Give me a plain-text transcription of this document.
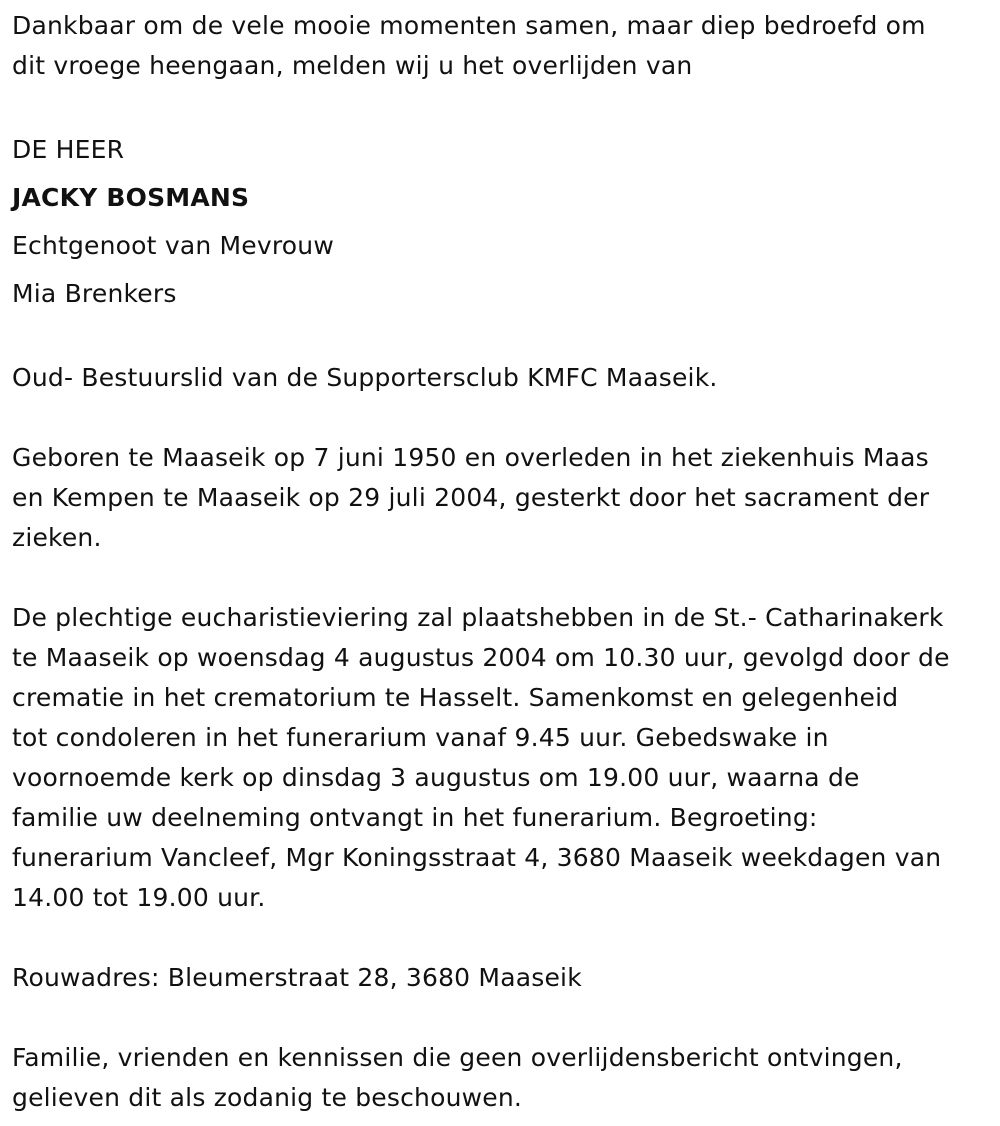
Dankbaar om de vele mooie momenten samen, maar diep bedroefd om
dit vroege heengaan, melden wij u het overlijden van

DE HEER
JACKY BOSMANS
Echtgenoot van Mevrouw
Mia Brenkers

Oud- Bestuurslid van de Supportersclub KMFC Maaseik.

Geboren te Maaseik op 7 juni 1950 en overleden in het ziekenhuis Maas
en Kempen te Maaseik op 29 juli 2004, gesterkt door het sacrament der
zieken.

De plechtige eucharistieviering zal plaatshebben in de St.- Catharinakerk
te Maaseik op woensdag 4 augustus 2004 om 10.30 uur, gevolgd door de
crematie in het crematorium te Hasselt. Samenkomst en gelegenheid
tot condoleren in het funerarium vanaf 9.45 uur. Gebedswake in
voornoemde kerk op dinsdag 3 augustus om 19.00 uur, waarna de
familie uw deelneming ontvangt in het funerarium. Begroeting:
funerarium Vancleef, Mgr Koningsstraat 4, 3680 Maaseik weekdagen van
14.00 tot 19.00 uur.

Rouwadres: Bleumerstraat 28, 3680 Maaseik

Familie, vrienden en kennissen die geen overlijdensbericht ontvingen,
gelieven dit als zodanig te beschouwen.
